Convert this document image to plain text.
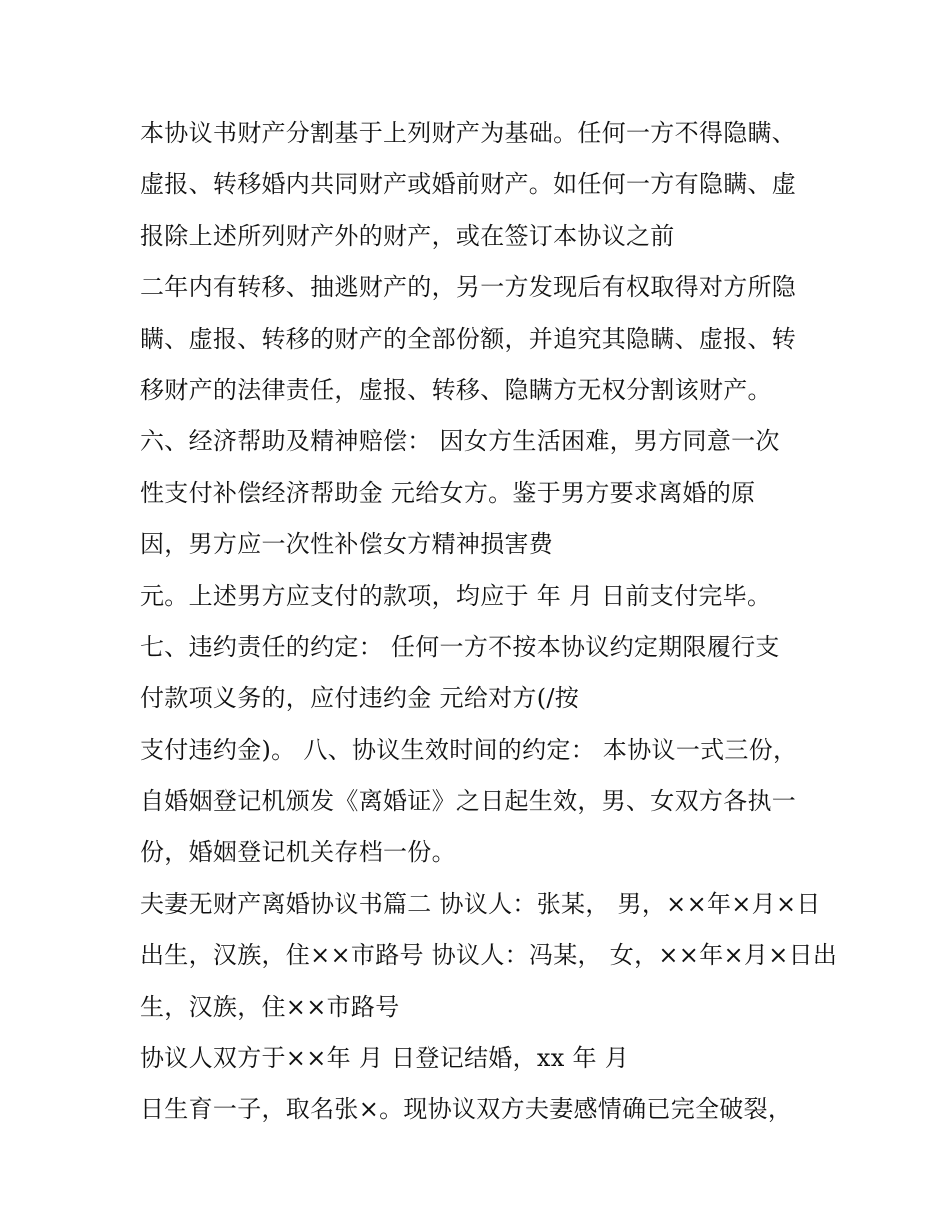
本协议书财产分割基于上列财产为基础。任何一方不得隐瞒、
虚报、转移婚内共同财产或婚前财产。如任何一方有隐瞒、虚
报除上述所列财产外的财产，或在签订本协议之前
二年内有转移、抽逃财产的，另一方发现后有权取得对方所隐
瞒、虚报、转移的财产的全部份额，并追究其隐瞒、虚报、转
移财产的法律责任，虚报、转移、隐瞒方无权分割该财产。
六、经济帮助及精神赔偿： 因女方生活困难，男方同意一次
性支付补偿经济帮助金 元给女方。鉴于男方要求离婚的原
因，男方应一次性补偿女方精神损害费
元。上述男方应支付的款项，均应于 年 月 日前支付完毕。
七、违约责任的约定： 任何一方不按本协议约定期限履行支
付款项义务的，应付违约金 元给对方(/按
支付违约金)。 八、协议生效时间的约定： 本协议一式三份，
自婚姻登记机颁发《离婚证》之日起生效，男、女双方各执一
份，婚姻登记机关存档一份。
夫妻无财产离婚协议书篇二 协议人：张某， 男，××年×月×日
出生，汉族，住××市路号 协议人：冯某， 女，××年×月×日出
生，汉族，住××市路号
协议人双方于××年 月 日登记结婚，xx 年 月
日生育一子，取名张×。现协议双方夫妻感情确已完全破裂，
